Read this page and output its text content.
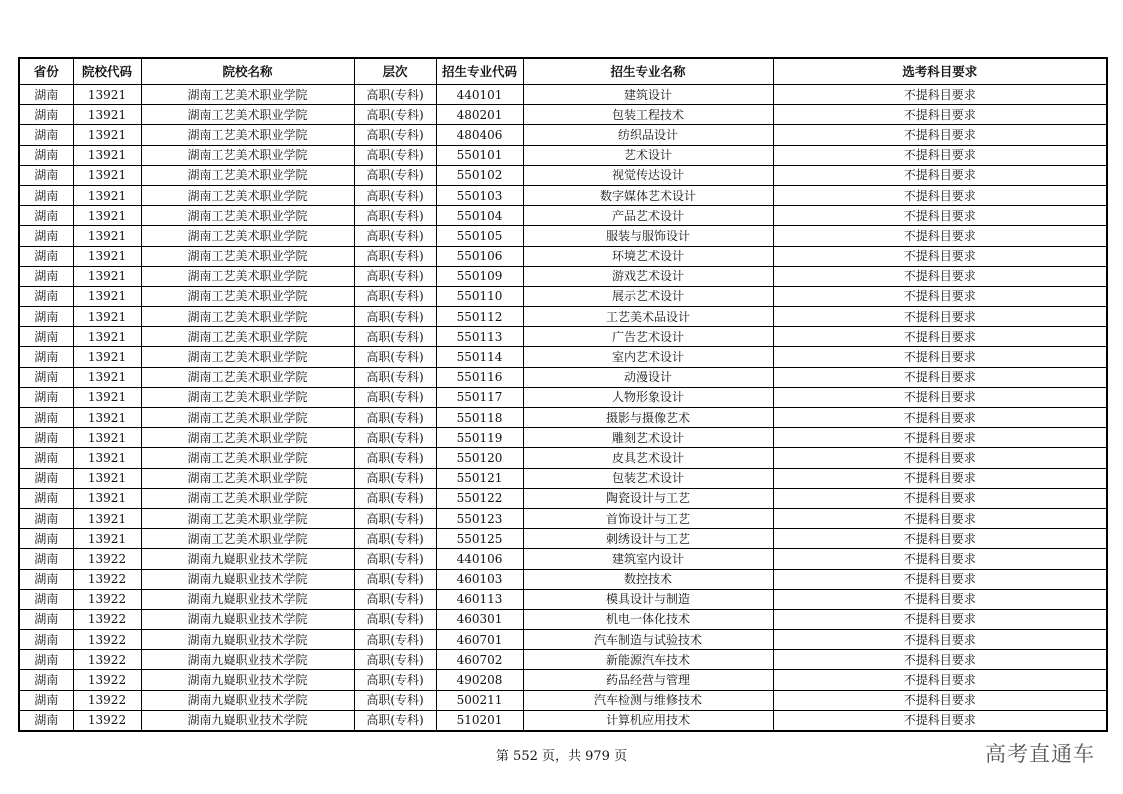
省份	院校代码	院校名称	层次	招生专业代码	招生专业名称	选考科目要求
湖南	13921	湖南工艺美术职业学院	高职(专科)	440101	建筑设计	不提科目要求
湖南	13921	湖南工艺美术职业学院	高职(专科)	480201	包装工程技术	不提科目要求
湖南	13921	湖南工艺美术职业学院	高职(专科)	480406	纺织品设计	不提科目要求
湖南	13921	湖南工艺美术职业学院	高职(专科)	550101	艺术设计	不提科目要求
湖南	13921	湖南工艺美术职业学院	高职(专科)	550102	视觉传达设计	不提科目要求
湖南	13921	湖南工艺美术职业学院	高职(专科)	550103	数字媒体艺术设计	不提科目要求
湖南	13921	湖南工艺美术职业学院	高职(专科)	550104	产品艺术设计	不提科目要求
湖南	13921	湖南工艺美术职业学院	高职(专科)	550105	服装与服饰设计	不提科目要求
湖南	13921	湖南工艺美术职业学院	高职(专科)	550106	环境艺术设计	不提科目要求
湖南	13921	湖南工艺美术职业学院	高职(专科)	550109	游戏艺术设计	不提科目要求
湖南	13921	湖南工艺美术职业学院	高职(专科)	550110	展示艺术设计	不提科目要求
湖南	13921	湖南工艺美术职业学院	高职(专科)	550112	工艺美术品设计	不提科目要求
湖南	13921	湖南工艺美术职业学院	高职(专科)	550113	广告艺术设计	不提科目要求
湖南	13921	湖南工艺美术职业学院	高职(专科)	550114	室内艺术设计	不提科目要求
湖南	13921	湖南工艺美术职业学院	高职(专科)	550116	动漫设计	不提科目要求
湖南	13921	湖南工艺美术职业学院	高职(专科)	550117	人物形象设计	不提科目要求
湖南	13921	湖南工艺美术职业学院	高职(专科)	550118	摄影与摄像艺术	不提科目要求
湖南	13921	湖南工艺美术职业学院	高职(专科)	550119	雕刻艺术设计	不提科目要求
湖南	13921	湖南工艺美术职业学院	高职(专科)	550120	皮具艺术设计	不提科目要求
湖南	13921	湖南工艺美术职业学院	高职(专科)	550121	包装艺术设计	不提科目要求
湖南	13921	湖南工艺美术职业学院	高职(专科)	550122	陶瓷设计与工艺	不提科目要求
湖南	13921	湖南工艺美术职业学院	高职(专科)	550123	首饰设计与工艺	不提科目要求
湖南	13921	湖南工艺美术职业学院	高职(专科)	550125	刺绣设计与工艺	不提科目要求
湖南	13922	湖南九嶷职业技术学院	高职(专科)	440106	建筑室内设计	不提科目要求
湖南	13922	湖南九嶷职业技术学院	高职(专科)	460103	数控技术	不提科目要求
湖南	13922	湖南九嶷职业技术学院	高职(专科)	460113	模具设计与制造	不提科目要求
湖南	13922	湖南九嶷职业技术学院	高职(专科)	460301	机电一体化技术	不提科目要求
湖南	13922	湖南九嶷职业技术学院	高职(专科)	460701	汽车制造与试验技术	不提科目要求
湖南	13922	湖南九嶷职业技术学院	高职(专科)	460702	新能源汽车技术	不提科目要求
湖南	13922	湖南九嶷职业技术学院	高职(专科)	490208	药品经营与管理	不提科目要求
湖南	13922	湖南九嶷职业技术学院	高职(专科)	500211	汽车检测与维修技术	不提科目要求
湖南	13922	湖南九嶷职业技术学院	高职(专科)	510201	计算机应用技术	不提科目要求
第 552 页，共 979 页	高考直通车
